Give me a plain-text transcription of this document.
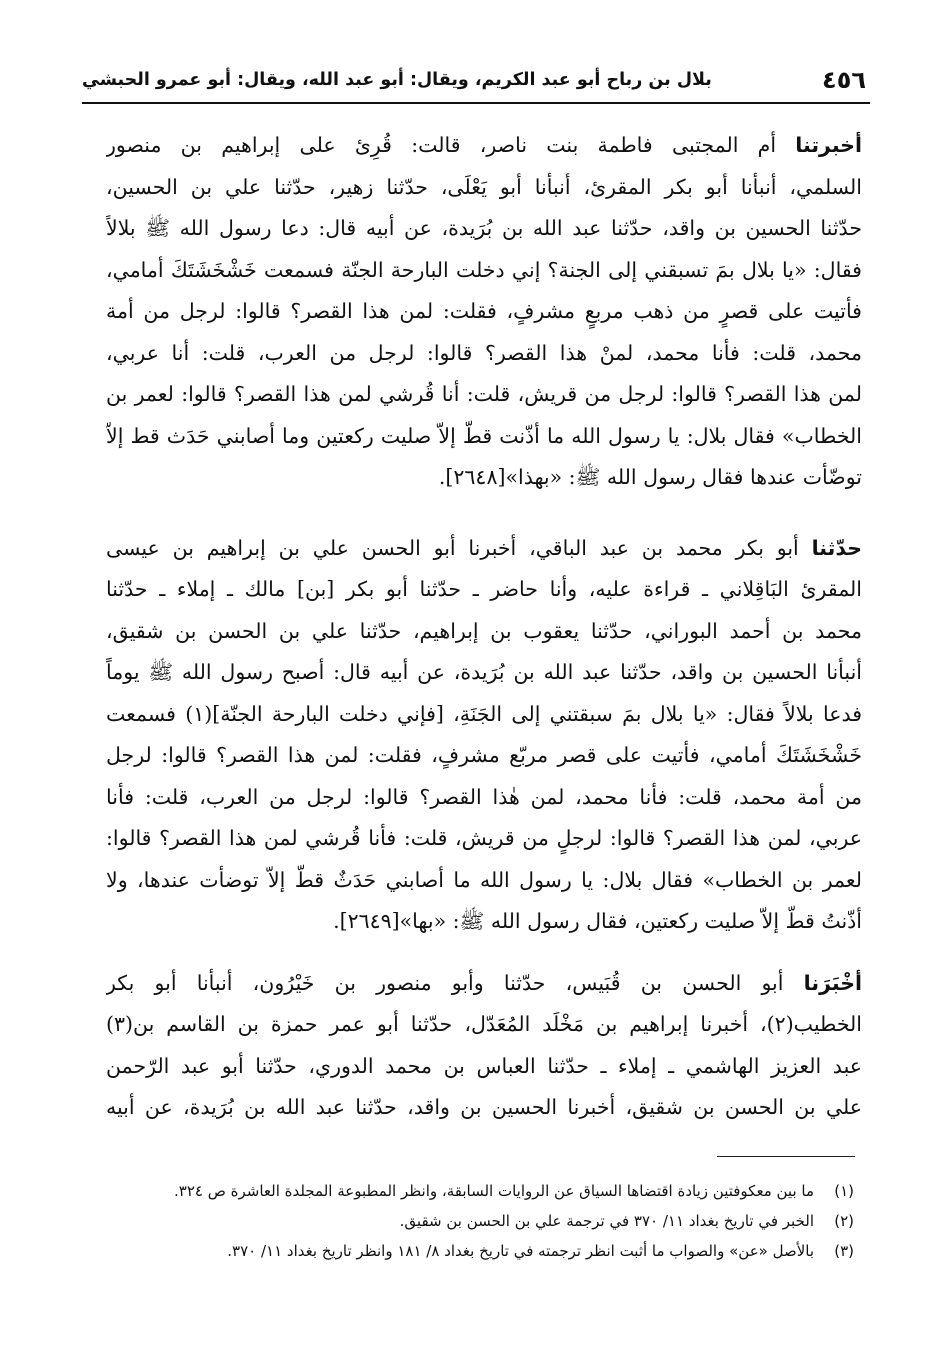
٤٥٦
بلال بن رباح أبو عبد الكريم، ويقال: أبو عبد الله، ويقال: أبو عمرو الحبشي
أخبرتنا أم المجتبى فاطمة بنت ناصر، قالت: قُرِئ على إبراهيم بن منصور
السلمي، أنبأنا أبو بكر المقرئ، أنبأنا أبو يَعْلَى، حدّثنا زهير، حدّثنا علي بن الحسين،
حدّثنا الحسين بن واقد، حدّثنا عبد الله بن بُرَيدة، عن أبيه قال: دعا رسول الله ﷺ بلالاً
فقال: «يا بلال بمَ تسبقني إلى الجنة؟ إني دخلت البارحة الجنّة فسمعت خَشْخَشَتَكَ أمامي،
فأتيت على قصرٍ من ذهب مربعٍ مشرفٍ، فقلت: لمن هذا القصر؟ قالوا: لرجل من أمة
محمد، قلت: فأنا محمد، لمنْ هذا القصر؟ قالوا: لرجل من العرب، قلت: أنا عربي،
لمن هذا القصر؟ قالوا: لرجل من قريش، قلت: أنا قُرشي لمن هذا القصر؟ قالوا: لعمر بن
الخطاب» فقال بلال: يا رسول الله ما أذّنت قطّ إلاّ صليت ركعتين وما أصابني حَدَث قط إلاّ
توضّأت عندها فقال رسول الله ﷺ: «بهذا»[٢٦٤٨].
حدّثنا أبو بكر محمد بن عبد الباقي، أخبرنا أبو الحسن علي بن إبراهيم بن عيسى
المقرئ البَاقِلاني ـ قراءة عليه، وأنا حاضر ـ حدّثنا أبو بكر [بن] مالك ـ إملاء ـ حدّثنا
محمد بن أحمد البوراني، حدّثنا يعقوب بن إبراهيم، حدّثنا علي بن الحسن بن شقيق،
أنبأنا الحسين بن واقد، حدّثنا عبد الله بن بُرَيدة، عن أبيه قال: أصبح رسول الله ﷺ يوماً
فدعا بلالاً فقال: «يا بلال بمَ سبقتني إلى الجَنَةِ، [فإني دخلت البارحة الجنّة](١) فسمعت
خَشْخَشَتَكَ أمامي، فأتيت على قصر مربّع مشرفٍ، فقلت: لمن هذا القصر؟ قالوا: لرجل
من أمة محمد، قلت: فأنا محمد، لمن هٰذا القصر؟ قالوا: لرجل من العرب، قلت: فأنا
عربي، لمن هذا القصر؟ قالوا: لرجلٍ من قريش، قلت: فأنا قُرشي لمن هذا القصر؟ قالوا:
لعمر بن الخطاب» فقال بلال: يا رسول الله ما أصابني حَدَثٌ قطّ إلاّ توضأت عندها، ولا
أذّنتُ قطّ إلاّ صليت ركعتين، فقال رسول الله ﷺ: «بها»[٢٦٤٩].
أخْبَرَنا أبو الحسن بن قُبَيس، حدّثنا وأبو منصور بن خَيْرُون، أنبأنا أبو بكر
الخطيب(٢)، أخبرنا إبراهيم بن مَخْلَد المُعَدّل، حدّثنا أبو عمر حمزة بن القاسم بن(٣)
عبد العزيز الهاشمي ـ إملاء ـ حدّثنا العباس بن محمد الدوري، حدّثنا أبو عبد الرّحمن
علي بن الحسن بن شقيق، أخبرنا الحسين بن واقد، حدّثنا عبد الله بن بُرَيدة، عن أبيه
(١)ما بين معكوفتين زيادة اقتضاها السياق عن الروايات السابقة، وانظر المطبوعة المجلدة العاشرة ص ٣٢٤.
(٢)الخبر في تاريخ بغداد ١١/ ٣٧٠ في ترجمة علي بن الحسن بن شقيق.
(٣)بالأصل «عن» والصواب ما أثبت انظر ترجمته في تاريخ بغداد ٨/ ١٨١ وانظر تاريخ بغداد ١١/ ٣٧٠.
